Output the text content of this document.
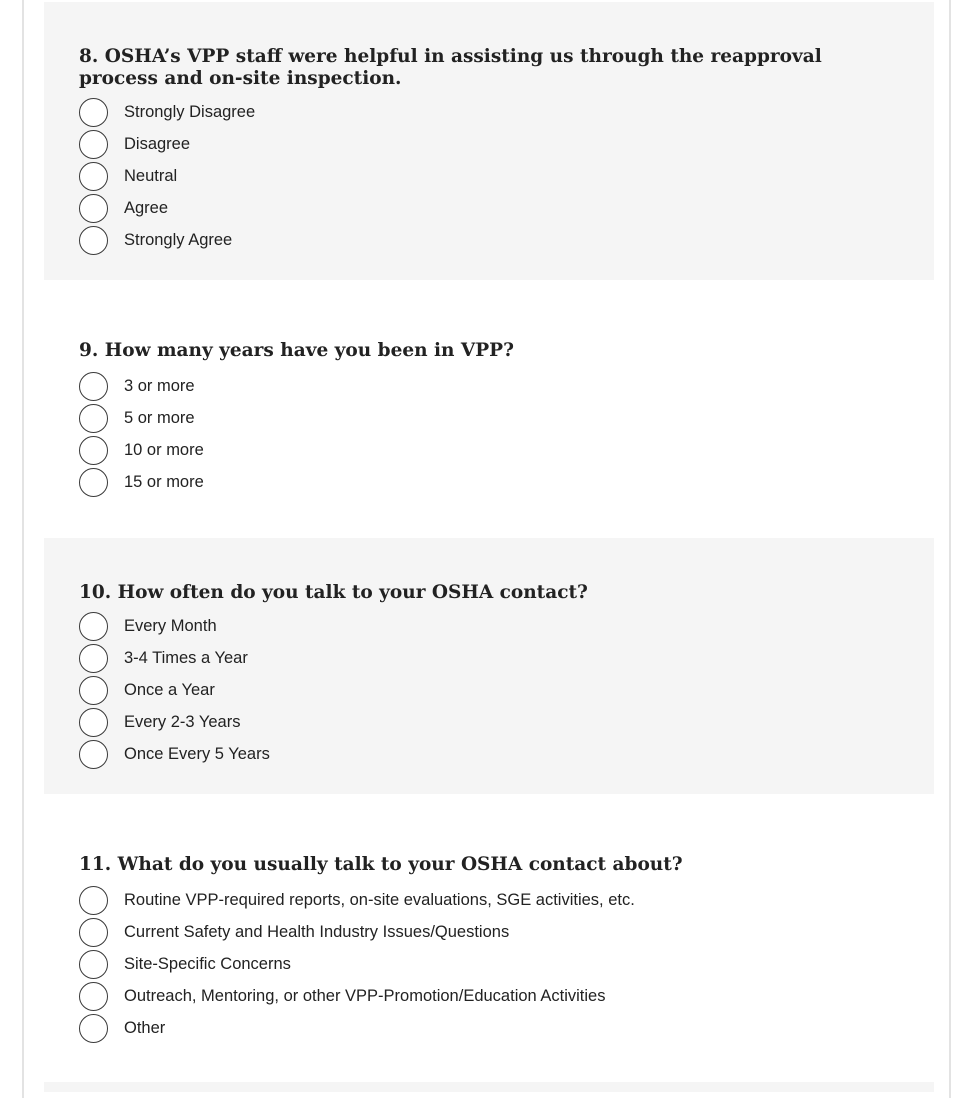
8. OSHA’s VPP staff were helpful in assisting us through the reapproval process and on-site inspection.
Strongly Disagree
Disagree
Neutral
Agree
Strongly Agree
9. How many years have you been in VPP?
3 or more
5 or more
10 or more
15 or more
10. How often do you talk to your OSHA contact?
Every Month
3-4 Times a Year
Once a Year
Every 2-3 Years
Once Every 5 Years
11. What do you usually talk to your OSHA contact about?
Routine VPP-required reports, on-site evaluations, SGE activities, etc.
Current Safety and Health Industry Issues/Questions
Site-Specific Concerns
Outreach, Mentoring, or other VPP-Promotion/Education Activities
Other
